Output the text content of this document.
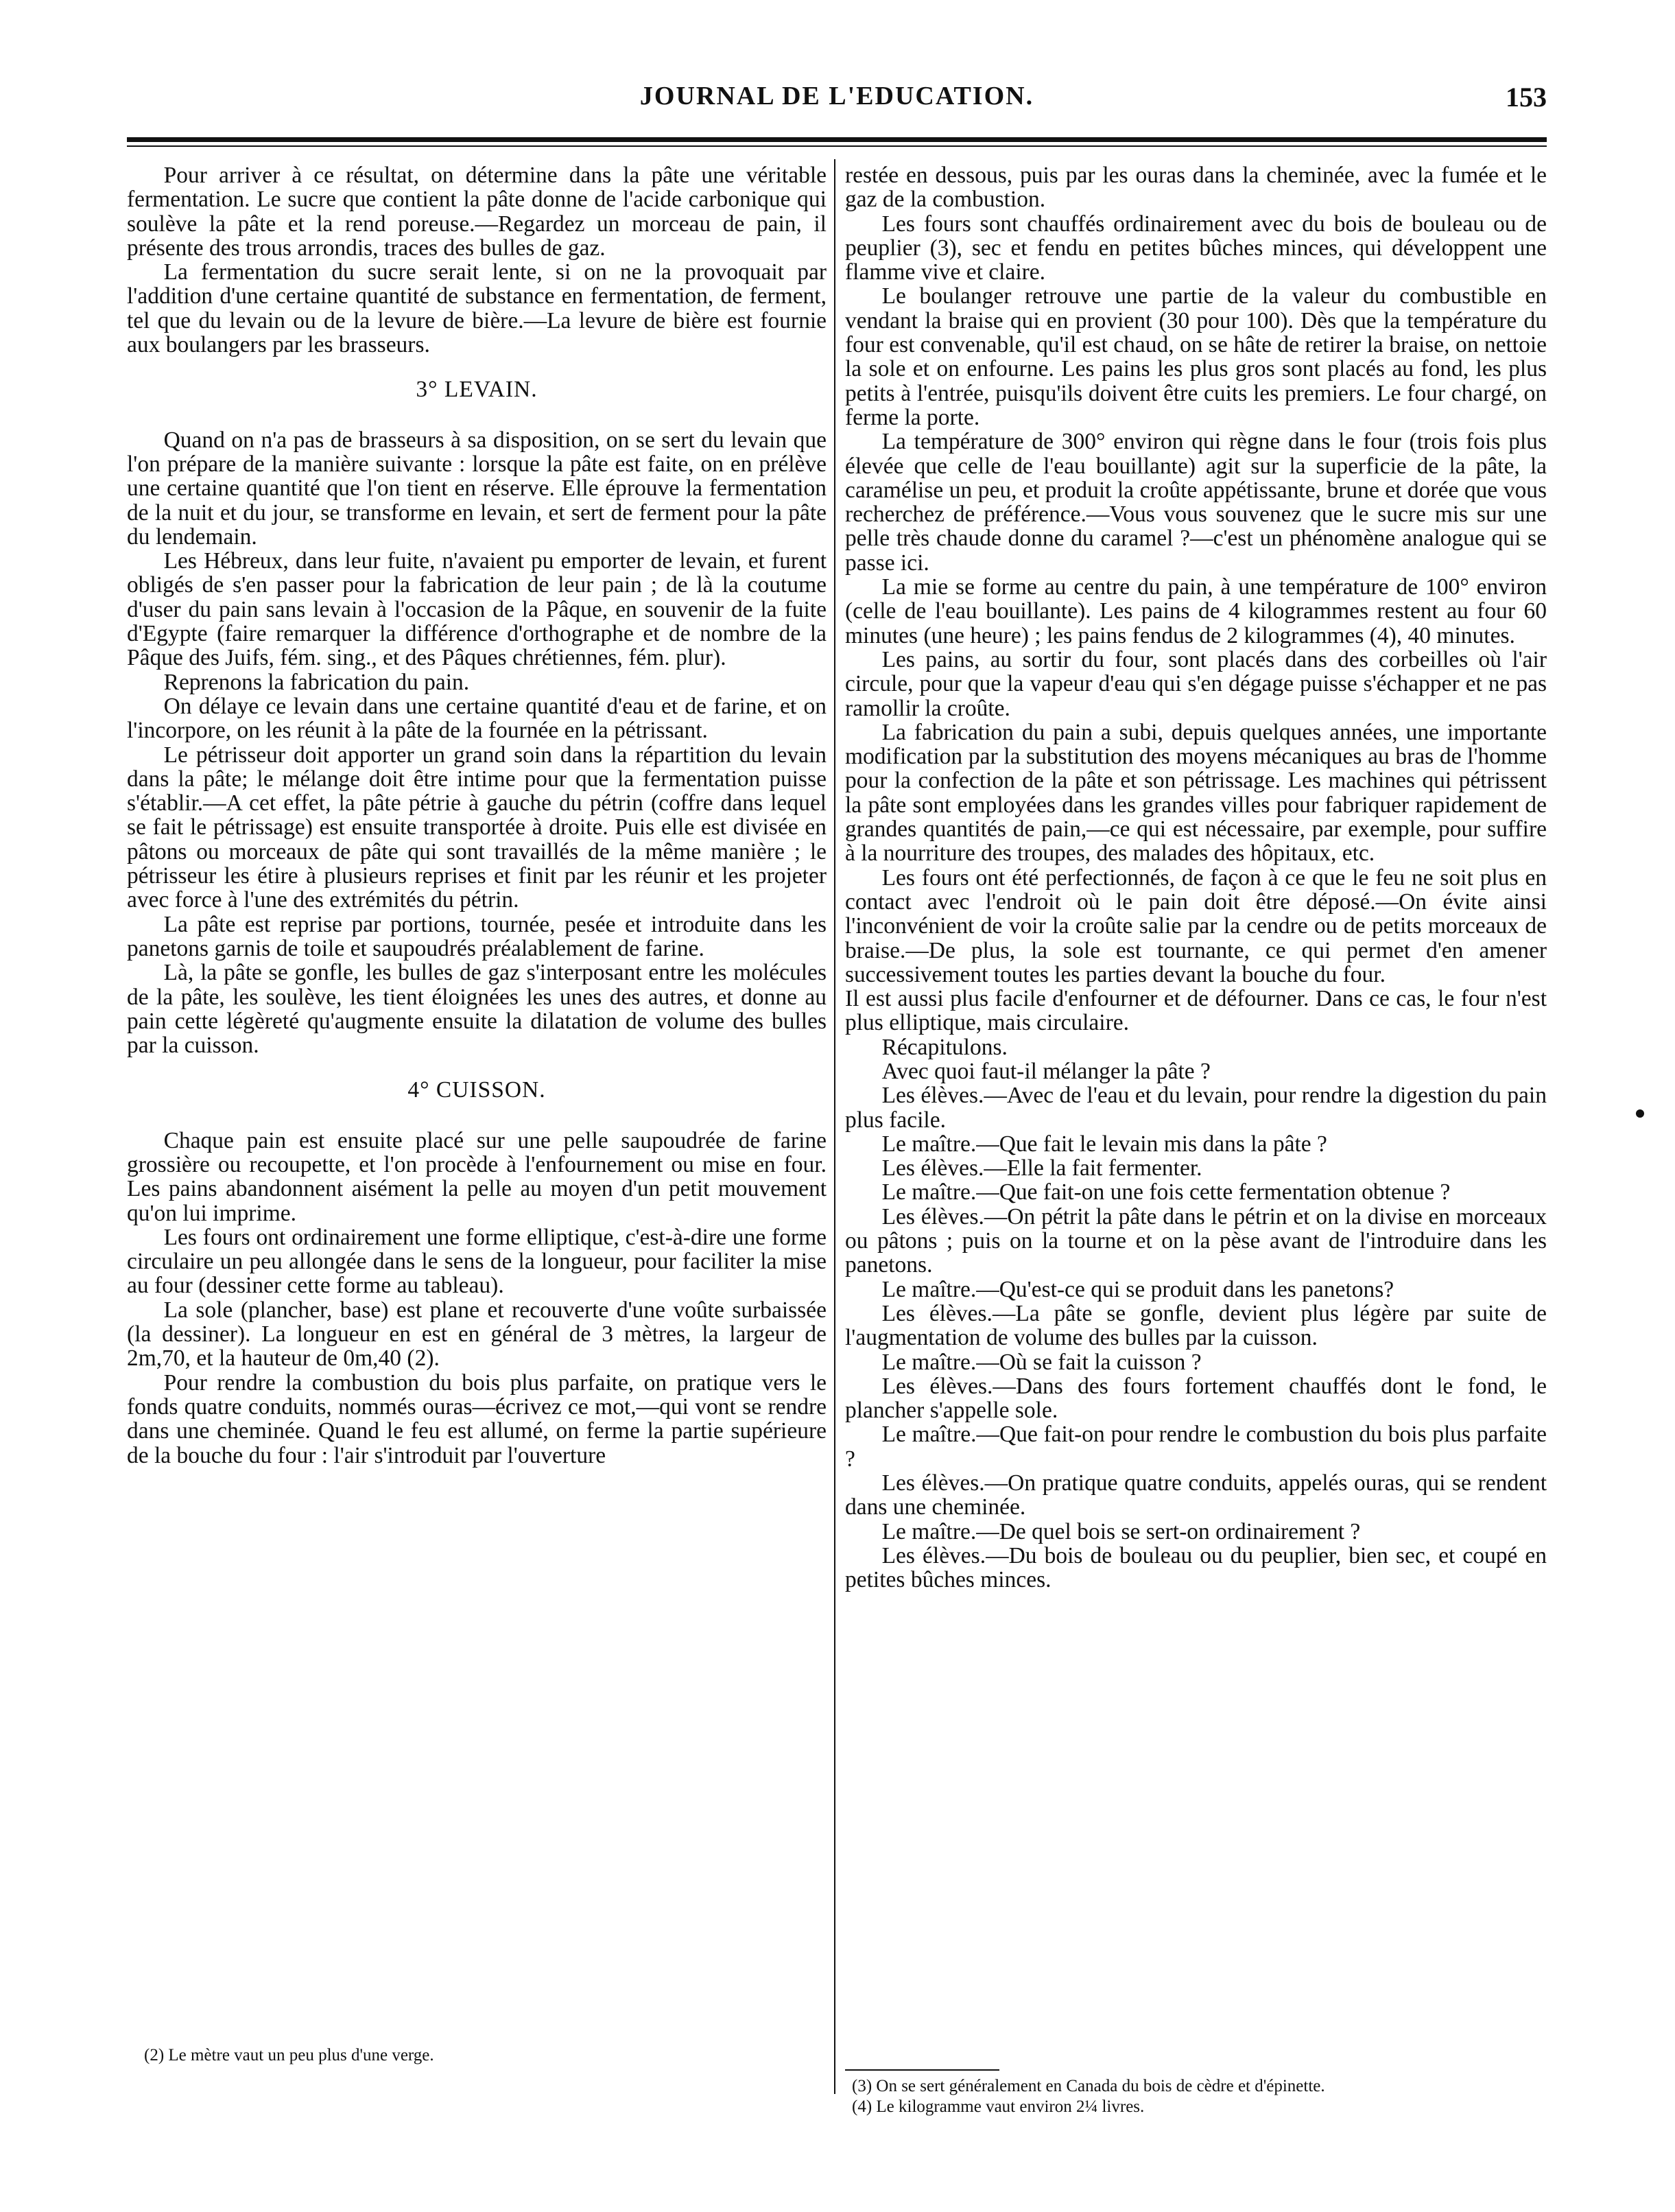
JOURNAL DE L'EDUCATION.	153

Pour arriver à ce résultat, on détermine dans la pâte une véritable fermentation. Le sucre que contient la pâte donne de l'acide carbonique qui soulève la pâte et la rend poreuse.—Regardez un morceau de pain, il présente des trous arrondis, traces des bulles de gaz.

La fermentation du sucre serait lente, si on ne la provoquait par l'addition d'une certaine quantité de substance en fermentation, de ferment, tel que du levain ou de la levure de bière.—La levure de bière est fournie aux boulangers par les brasseurs.

3° LEVAIN.

Quand on n'a pas de brasseurs à sa disposition, on se sert du levain que l'on prépare de la manière suivante : lorsque la pâte est faite, on en prélève une certaine quantité que l'on tient en réserve. Elle éprouve la fermentation de la nuit et du jour, se transforme en levain, et sert de ferment pour la pâte du lendemain.

Les Hébreux, dans leur fuite, n'avaient pu emporter de levain, et furent obligés de s'en passer pour la fabrication de leur pain ; de là la coutume d'user du pain sans levain à l'occasion de la Pâque, en souvenir de la fuite d'Egypte (faire remarquer la différence d'orthographe et de nombre de la Pâque des Juifs, fém. sing., et des Pâques chrétiennes, fém. plur).

Reprenons la fabrication du pain.

On délaye ce levain dans une certaine quantité d'eau et de farine, et on l'incorpore, on les réunit à la pâte de la fournée en la pétrissant.

Le pétrisseur doit apporter un grand soin dans la répartition du levain dans la pâte; le mélange doit être intime pour que la fermentation puisse s'établir.—A cet effet, la pâte pétrie à gauche du pétrin (coffre dans lequel se fait le pétrissage) est ensuite transportée à droite. Puis elle est divisée en pâtons ou morceaux de pâte qui sont travaillés de la même manière ; le pétrisseur les étire à plusieurs reprises et finit par les réunir et les projeter avec force à l'une des extrémités du pétrin.

La pâte est reprise par portions, tournée, pesée et introduite dans les panetons garnis de toile et saupoudrés préalablement de farine.

Là, la pâte se gonfle, les bulles de gaz s'interposant entre les molécules de la pâte, les soulève, les tient éloignées les unes des autres, et donne au pain cette légèreté qu'augmente ensuite la dilatation de volume des bulles par la cuisson.

4° CUISSON.

Chaque pain est ensuite placé sur une pelle saupoudrée de farine grossière ou recoupette, et l'on procède à l'enfournement ou mise en four. Les pains abandonnent aisément la pelle au moyen d'un petit mouvement qu'on lui imprime.

Les fours ont ordinairement une forme elliptique, c'est-à-dire une forme circulaire un peu allongée dans le sens de la longueur, pour faciliter la mise au four (dessiner cette forme au tableau).

La sole (plancher, base) est plane et recouverte d'une voûte surbaissée (la dessiner). La longueur en est en général de 3 mètres, la largeur de 2m,70, et la hauteur de 0m,40 (2).

Pour rendre la combustion du bois plus parfaite, on pratique vers le fonds quatre conduits, nommés ouras—écrivez ce mot,—qui vont se rendre dans une cheminée. Quand le feu est allumé, on ferme la partie supérieure de la bouche du four : l'air s'introduit par l'ouverture

restée en dessous, puis par les ouras dans la cheminée, avec la fumée et le gaz de la combustion.

Les fours sont chauffés ordinairement avec du bois de bouleau ou de peuplier (3), sec et fendu en petites bûches minces, qui développent une flamme vive et claire.

Le boulanger retrouve une partie de la valeur du combustible en vendant la braise qui en provient (30 pour 100). Dès que la température du four est convenable, qu'il est chaud, on se hâte de retirer la braise, on nettoie la sole et on enfourne. Les pains les plus gros sont placés au fond, les plus petits à l'entrée, puisqu'ils doivent être cuits les premiers. Le four chargé, on ferme la porte.

La température de 300° environ qui règne dans le four (trois fois plus élevée que celle de l'eau bouillante) agit sur la superficie de la pâte, la caramélise un peu, et produit la croûte appétissante, brune et dorée que vous recherchez de préférence.—Vous vous souvenez que le sucre mis sur une pelle très chaude donne du caramel ?—c'est un phénomène analogue qui se passe ici.

La mie se forme au centre du pain, à une température de 100° environ (celle de l'eau bouillante). Les pains de 4 kilogrammes restent au four 60 minutes (une heure) ; les pains fendus de 2 kilogrammes (4), 40 minutes.

Les pains, au sortir du four, sont placés dans des corbeilles où l'air circule, pour que la vapeur d'eau qui s'en dégage puisse s'échapper et ne pas ramollir la croûte.

La fabrication du pain a subi, depuis quelques années, une importante modification par la substitution des moyens mécaniques au bras de l'homme pour la confection de la pâte et son pétrissage. Les machines qui pétrissent la pâte sont employées dans les grandes villes pour fabriquer rapidement de grandes quantités de pain,—ce qui est nécessaire, par exemple, pour suffire à la nourriture des troupes, des malades des hôpitaux, etc.

Les fours ont été perfectionnés, de façon à ce que le feu ne soit plus en contact avec l'endroit où le pain doit être déposé.—On évite ainsi l'inconvénient de voir la croûte salie par la cendre ou de petits morceaux de braise.—De plus, la sole est tournante, ce qui permet d'en amener successivement toutes les parties devant la bouche du four.

Il est aussi plus facile d'enfourner et de défourner. Dans ce cas, le four n'est plus elliptique, mais circulaire.

Récapitulons.

Avec quoi faut-il mélanger la pâte ?

Les élèves.—Avec de l'eau et du levain, pour rendre la digestion du pain plus facile.

Le maître.—Que fait le levain mis dans la pâte ?

Les élèves.—Elle la fait fermenter.

Le maître.—Que fait-on une fois cette fermentation obtenue ?

Les élèves.—On pétrit la pâte dans le pétrin et on la divise en morceaux ou pâtons ; puis on la tourne et on la pèse avant de l'introduire dans les panetons.

Le maître.—Qu'est-ce qui se produit dans les panetons?

Les élèves.—La pâte se gonfle, devient plus légère par suite de l'augmentation de volume des bulles par la cuisson.

Le maître.—Où se fait la cuisson ?

Les élèves.—Dans des fours fortement chauffés dont le fond, le plancher s'appelle sole.

Le maître.—Que fait-on pour rendre le combustion du bois plus parfaite ?

Les élèves.—On pratique quatre conduits, appelés ouras, qui se rendent dans une cheminée.

Le maître.—De quel bois se sert-on ordinairement ?

Les élèves.—Du bois de bouleau ou du peuplier, bien sec, et coupé en petites bûches minces.

(2) Le mètre vaut un peu plus d'une verge.

(3) On se sert généralement en Canada du bois de cèdre et d'épinette.

(4) Le kilogramme vaut environ 2¼ livres.
